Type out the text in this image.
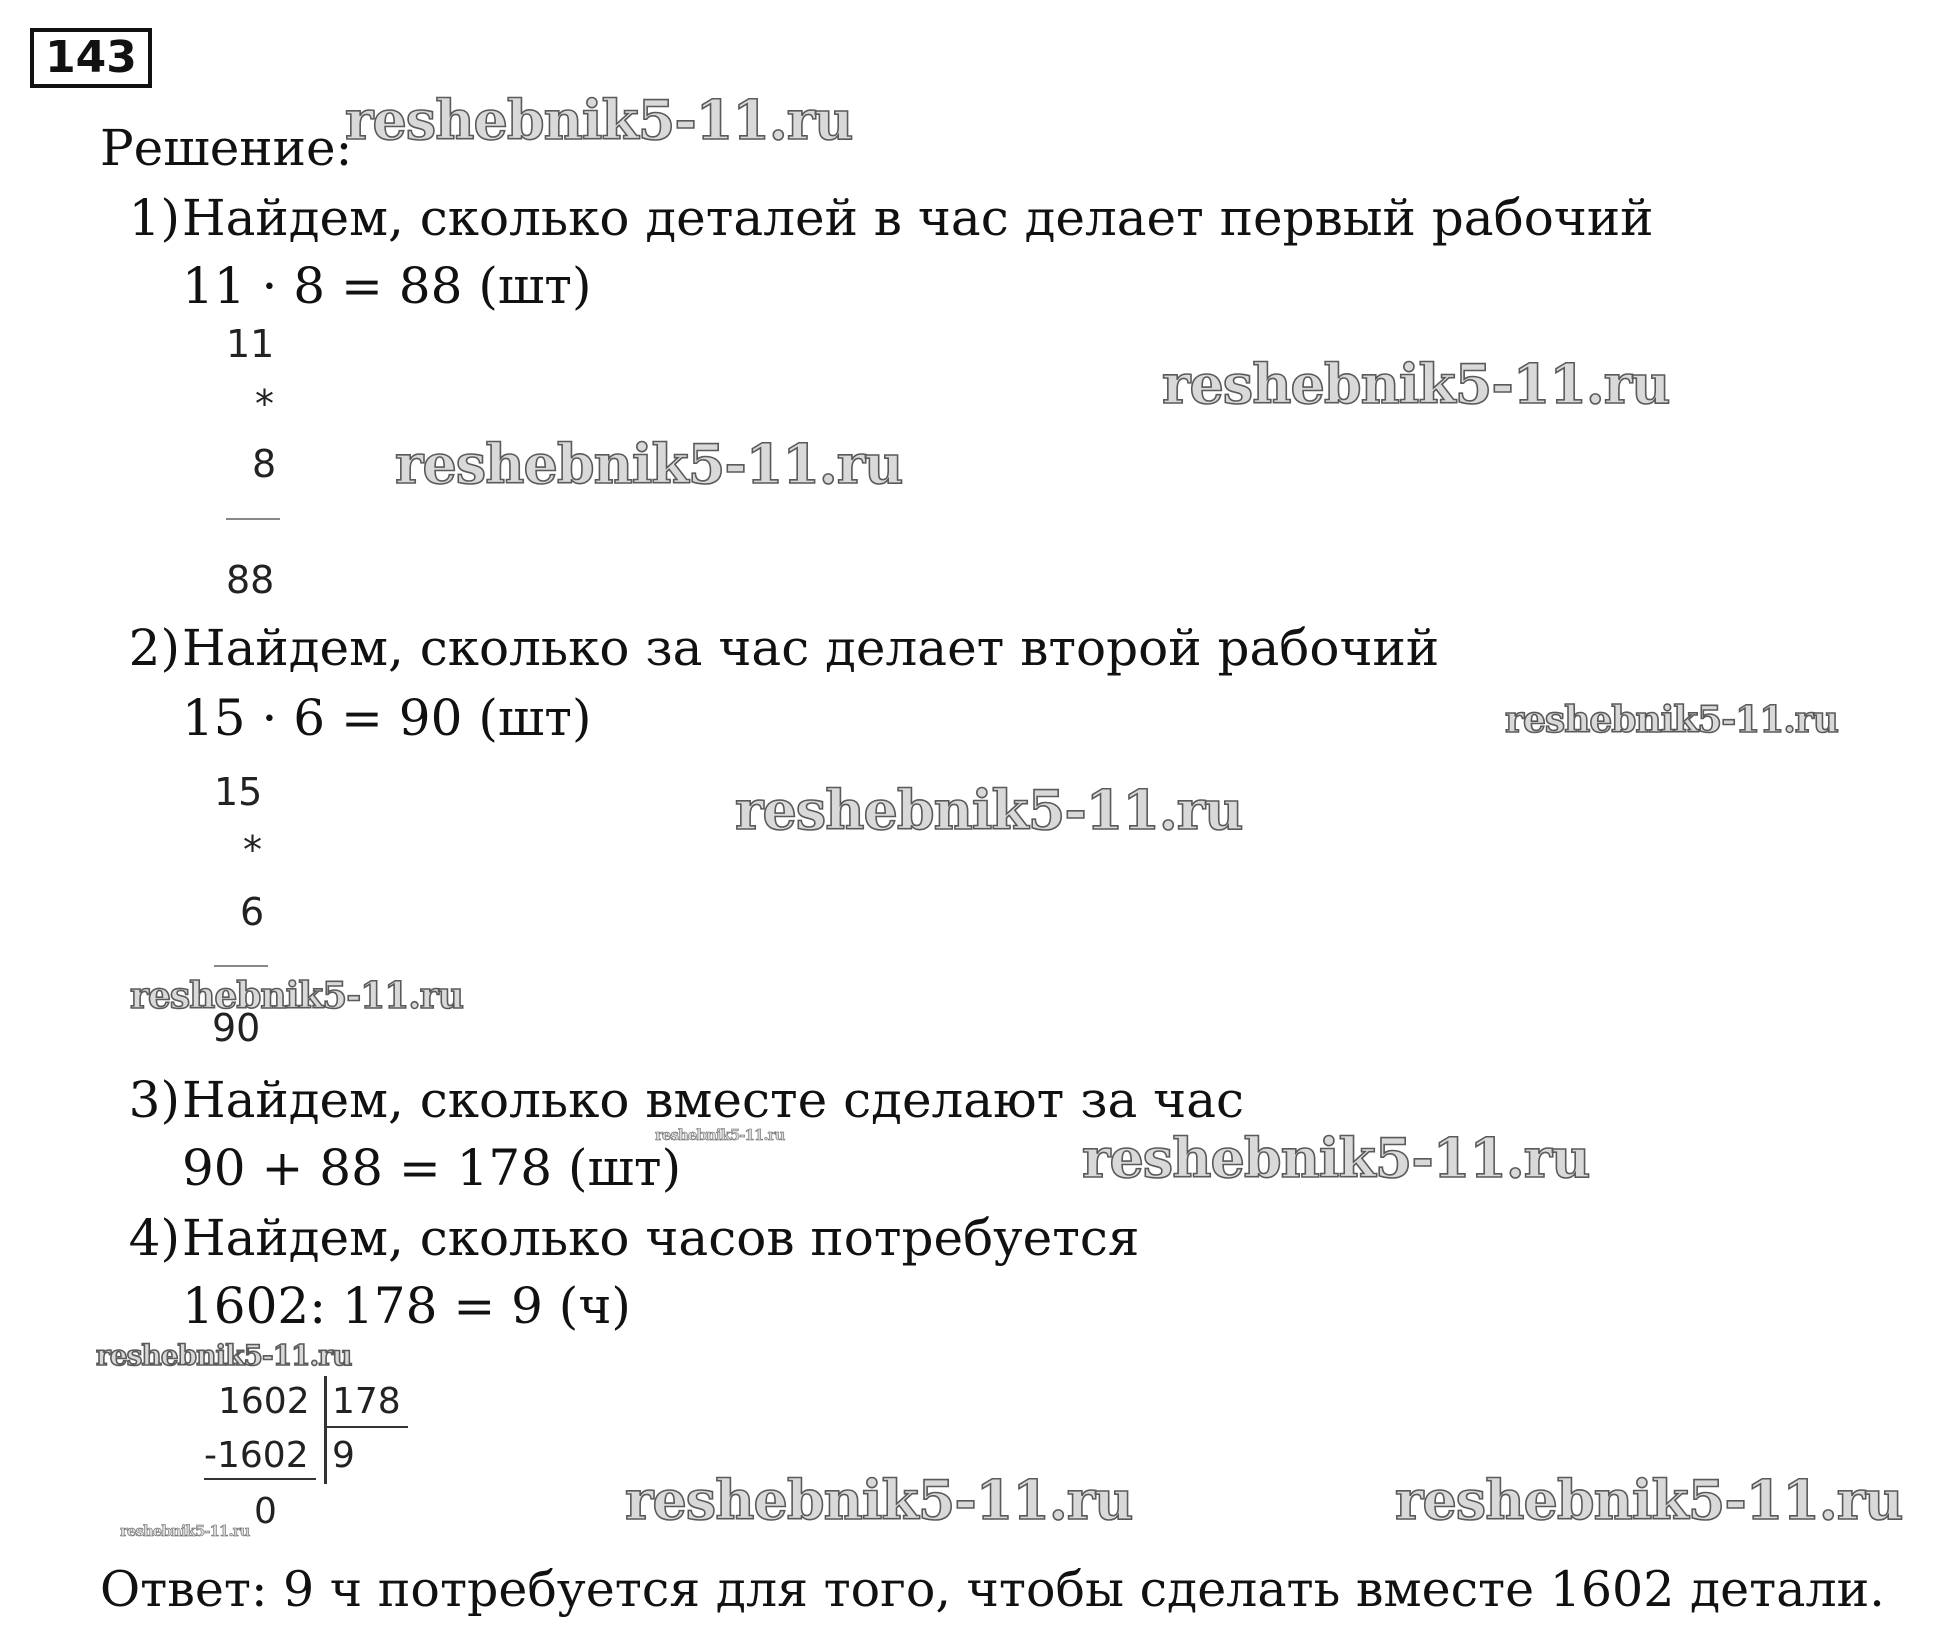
143
Решение:
1) Найдем, сколько деталей в час делает первый рабочий
11 · 8 = 88 (шт)
11
*
8
88
2) Найдем, сколько за час делает второй рабочий
15 · 6 = 90 (шт)
15
*
6
90
3) Найдем, сколько вместе сделают за час
90 + 88 = 178 (шт)
4) Найдем, сколько часов потребуется
1602: 178 = 9 (ч)
1602 178
-1602 9
0
Ответ: 9 ч потребуется для того, чтобы сделать вместе 1602 детали.
reshebnik5-11.ru
reshebnik5-11.ru
reshebnik5-11.ru
reshebnik5-11.ru
reshebnik5-11.ru
reshebnik5-11.ru
reshebnik5-11.ru	reshebnik5-11.ru
reshebnik5-11.ru
reshebnik5-11.ru	reshebnik5-11.ru
reshebnik5-11.ru
